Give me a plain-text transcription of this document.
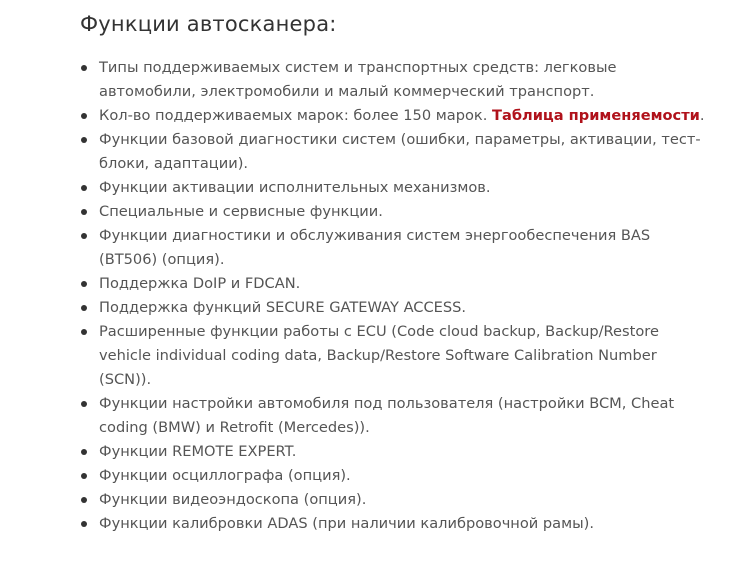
Функции автосканера:
Типы поддерживаемых систем и транспортных средств: легковые автомобили, электромобили и малый коммерческий транспорт.
Кол-во поддерживаемых марок: более 150 марок. Таблица применяемости.
Функции базовой диагностики систем (ошибки, параметры, активации, тест-блоки, адаптации).
Функции активации исполнительных механизмов.
Специальные и сервисные функции.
Функции диагностики и обслуживания систем энергообеспечения BAS (BT506) (опция).
Поддержка DoIP и FDCAN.
Поддержка функций SECURE GATEWAY ACCESS.
Расширенные функции работы с ECU (Code cloud backup, Backup/Restore vehicle individual coding data, Backup/Restore Software Calibration Number (SCN)).
Функции настройки автомобиля под пользователя (настройки BCM, Cheat coding (BMW) и Retrofit (Mercedes)).
Функции REMOTE EXPERT.
Функции осциллографа (опция).
Функции видеоэндоскопа (опция).
Функции калибровки ADAS (при наличии калибровочной рамы).
